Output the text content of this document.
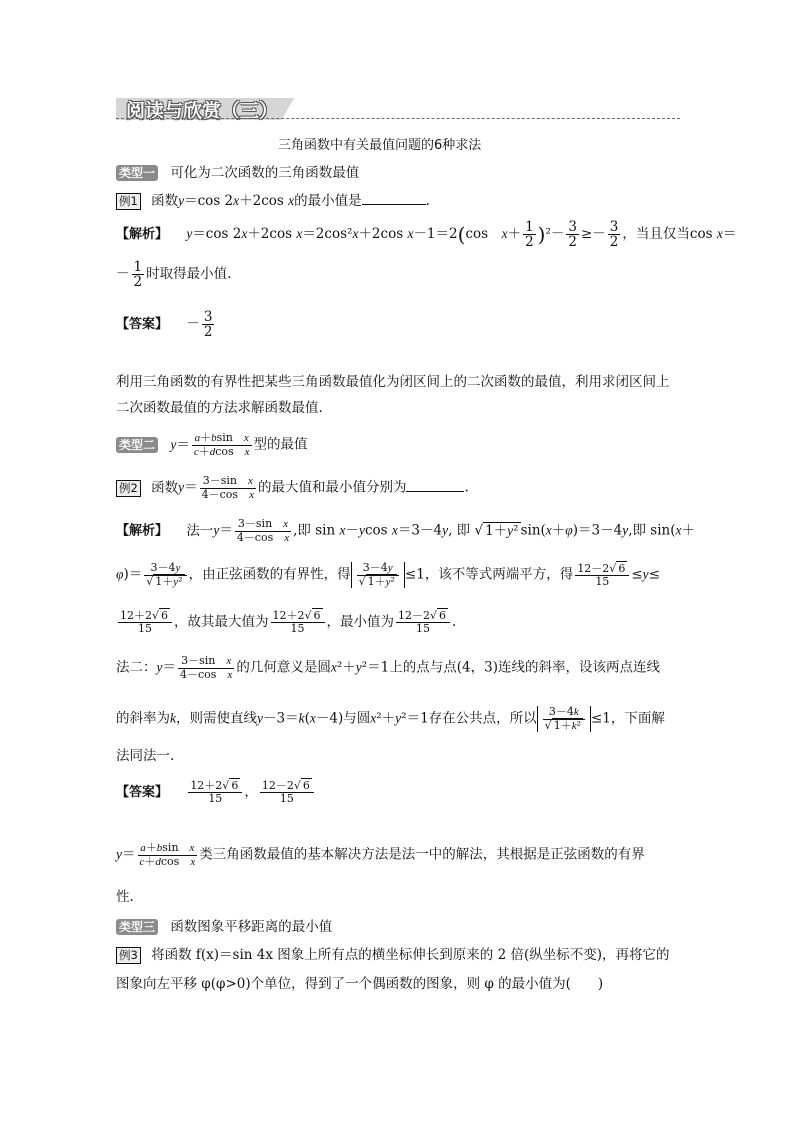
阅读与欣赏（三）
三角函数中有关最值问题的6种求法
类型一 可化为二次函数的三角函数最值
例1 函数y＝cos 2x＋2cos x的最小值是	.
【解析】 y＝cos 2x＋2cos x＝2cos²x＋2cos x－1＝2(cos　$x+ \frac{1}{2} )^2- \frac{3}{2} \ge- \frac{3}{2}$ ，当且仅当cos x＝
－ $\frac{1}{2}$ 时取得最小值.
【答案】 － $\frac{3}{2}$
利用三角函数的有界性把某些三角函数最值化为闭区间上的二次函数的最值，利用求闭区间上二次函数最值的方法求解函数最值.
类型二 $y= \frac{\text{a＋bsin　x}}{\text{c＋dcos　x}}$ 型的最值
例2 函数$y= \frac{\text{3－sin　x}}{\text{4－cos　x}}$ 的最大值和最小值分别为	.
【解析】 法一$y= \frac{\text{3－sin　x}}{\text{4－cos　x}}$ ,即 sin x－ycos x＝3－4y, 即 √ 1＋y² sin(x＋φ)＝3－4y,即 sin(x＋
$\varphi)= \frac{3-4y}{\text{√ 1＋y²}}$ ，由正弦函数的有界性，得 $\frac{3-4y}{\text{√ 1＋y²}} \le 1$，该不等式两端平方，得 $\frac{12-2√ 6}{15} \le y\le$
$\frac{12+2√ 6}{15}$ ，故其最大值为 $\frac{12+2√ 6}{15}$ ，最小值为 $\frac{12-2√ 6}{15}$ .
法二：$y= \frac{\text{3－sin　x}}{\text{4－cos　x}}$ 的几何意义是圆x²＋y²＝1上的点与点(4，3)连线的斜率，设该两点连线
的斜率为k，则需使直线y－3＝k(x－4)与圆x²＋y²＝1存在公共点，所以 $\frac{3-4k}{\text{√ 1＋k²}} \le 1$，下面解
法同法一.
【答案】 $\frac{12+2√ 6}{15}$ ， $\frac{12-2√ 6}{15}$
$y= \frac{\text{a＋bsin　x}}{\text{c＋dcos　x}}$ 类三角函数最值的基本解决方法是法一中的解法，其根据是正弦函数的有界
性.
类型三 函数图象平移距离的最小值
例3 将函数 f(x)＝sin 4x 图象上所有点的横坐标伸长到原来的 2 倍(纵坐标不变)，再将它的
图象向左平移 φ(φ>0)个单位，得到了一个偶函数的图象，则 φ 的最小值为(　　)
